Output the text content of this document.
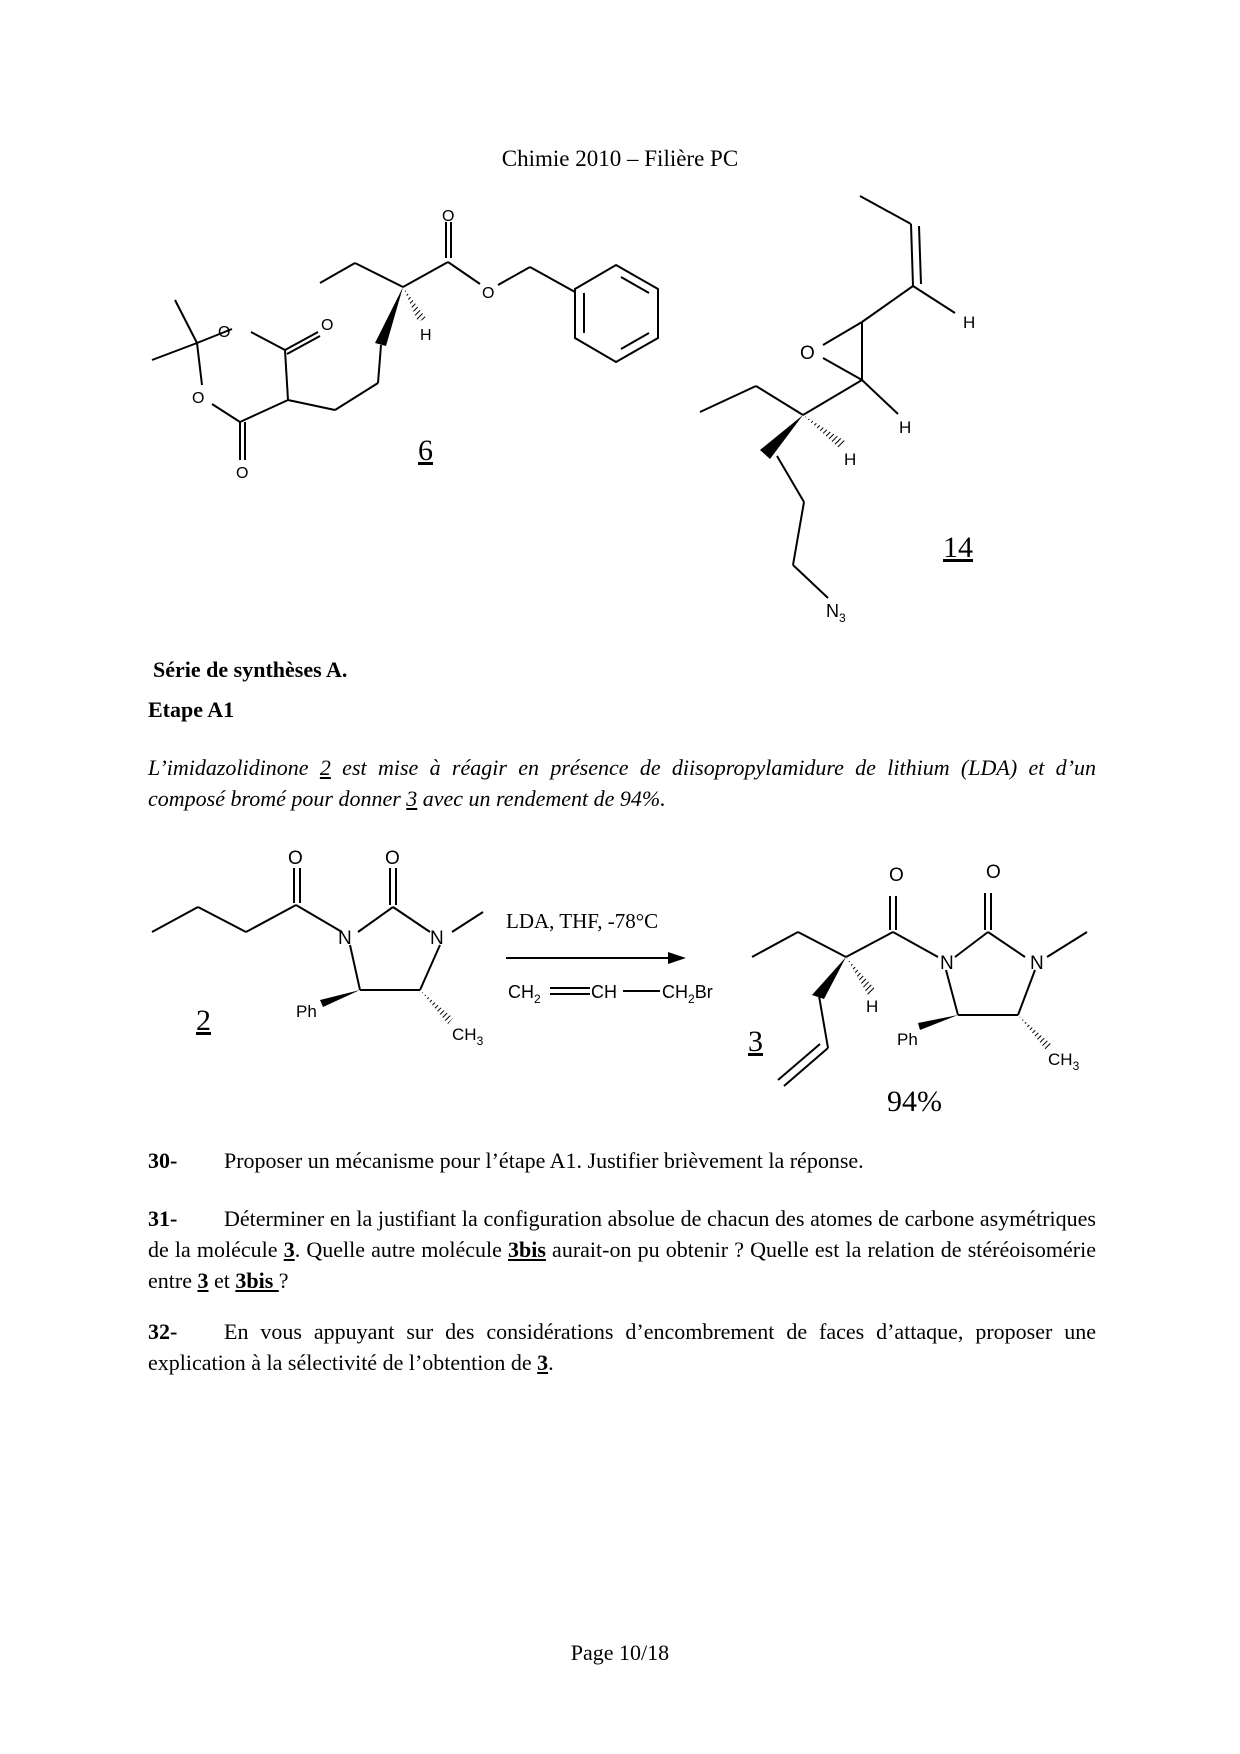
Chimie 2010 – Filière PC
O
O
O
O
O
O
H
6
O
H
H
H
$N_3$
14
O	O
N	N
Ph
$CH_3$
2
LDA, THF, -78°C
$CH_2$	CH	$CH_2Br$
O	O
N	N
H
Ph
$CH_3$
3
94%
Série de synthèses A.
Etape A1
L’imidazolidinone 2 est mise à réagir en présence de diisopropylamidure de lithium (LDA) et d’un composé bromé pour donner 3 avec un rendement de 94%.
30- Proposer un mécanisme pour l’étape A1. Justifier brièvement la réponse.
31- Déterminer en la justifiant la configuration absolue de chacun des atomes de carbone asymétriques de la molécule 3. Quelle autre molécule 3bis aurait-on pu obtenir ? Quelle est la relation de stéréoisomérie entre 3 et 3bis ?
32- En vous appuyant sur des considérations d’encombrement de faces d’attaque, proposer une explication à la sélectivité de l’obtention de 3.
Page 10/18
